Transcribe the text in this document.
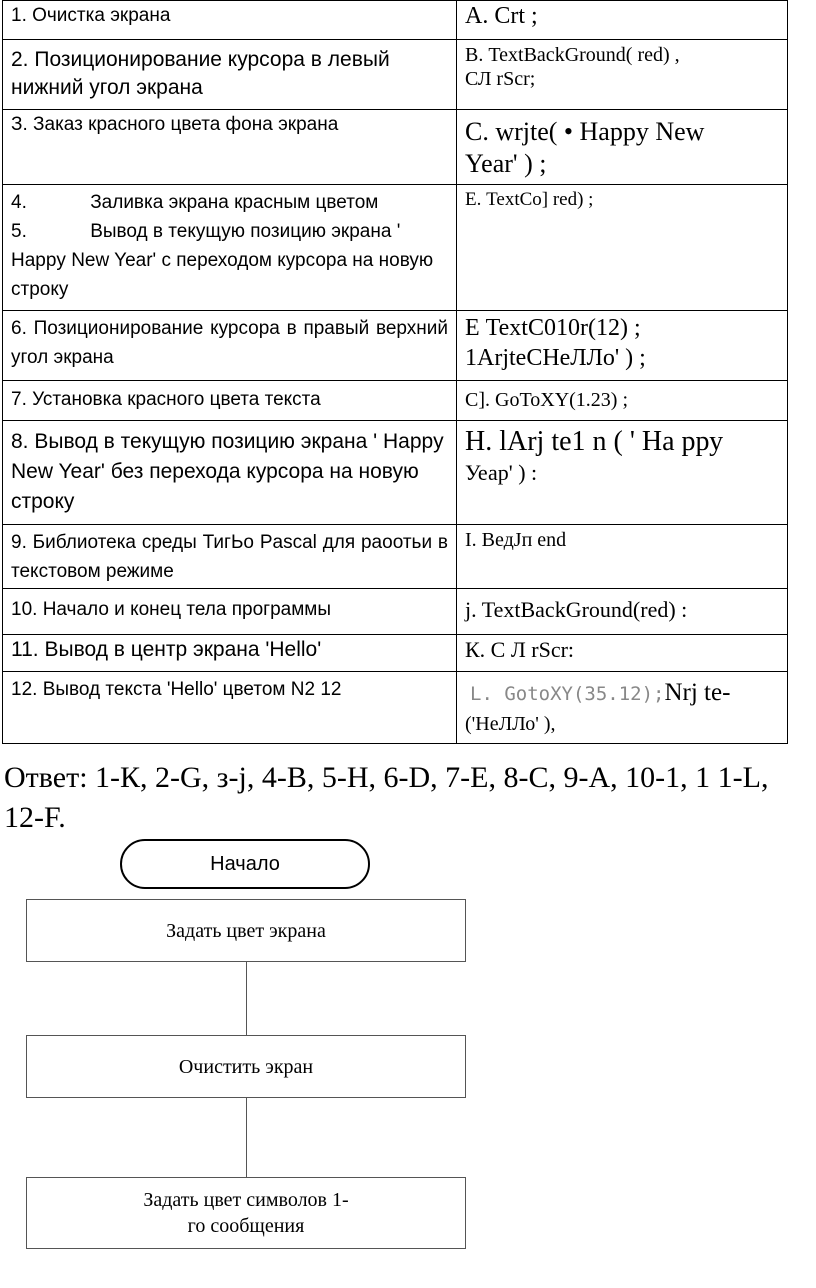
1. Очистка экрана	А. Crt ;
2. Позиционирование курсора в левый нижний угол экрана	В. TextBackGround( red) ,
СЛ rScr;

З. Заказ красного цвета фона экрана	С. wrjte( • Happy New
Year' ) ;

4.            Заливка экрана красным цветом
5.            Вывод в текущую позицию экрана ' Happy New Year' с переходом курсора на новую строку	Е. TextCo] red) ;
6. Позиционирование курсора в правый верхний угол экрана	Е TextC010r(12) ;
1ArjteCHeЛЛo' ) ;

7. Установка красного цвета текста	С]. GoToXY(1.23) ;
8. Вывод в текущую позицию экрана ' Happy New Year' без перехода курсора на новую строку	Н. lArj te1 n ( ' На рру
Уеар' ) :

9. Библиотека среды ТигЬо Pascal для раоотьи в текстовом режиме	I. ВедЈп end
10. Начало и конец тела программы	j. TextBackGround(red) :
11. Вывод в центр экрана 'Hello'	К. С Л rScr:
12. Вывод текста 'Hello' цветом N2 12	L. GotoXY(35.12);Nrj te-
('НеЛЛо' ),
Ответ: 1-К, 2-G, з-j, 4-В, 5-Н, 6-D, 7-Е, 8-С, 9-А, 10-1, 1 1-L, 12-F.
Начало
Задать цвет экрана
Очистить экран
Задать цвет символов 1-
го сообщения
